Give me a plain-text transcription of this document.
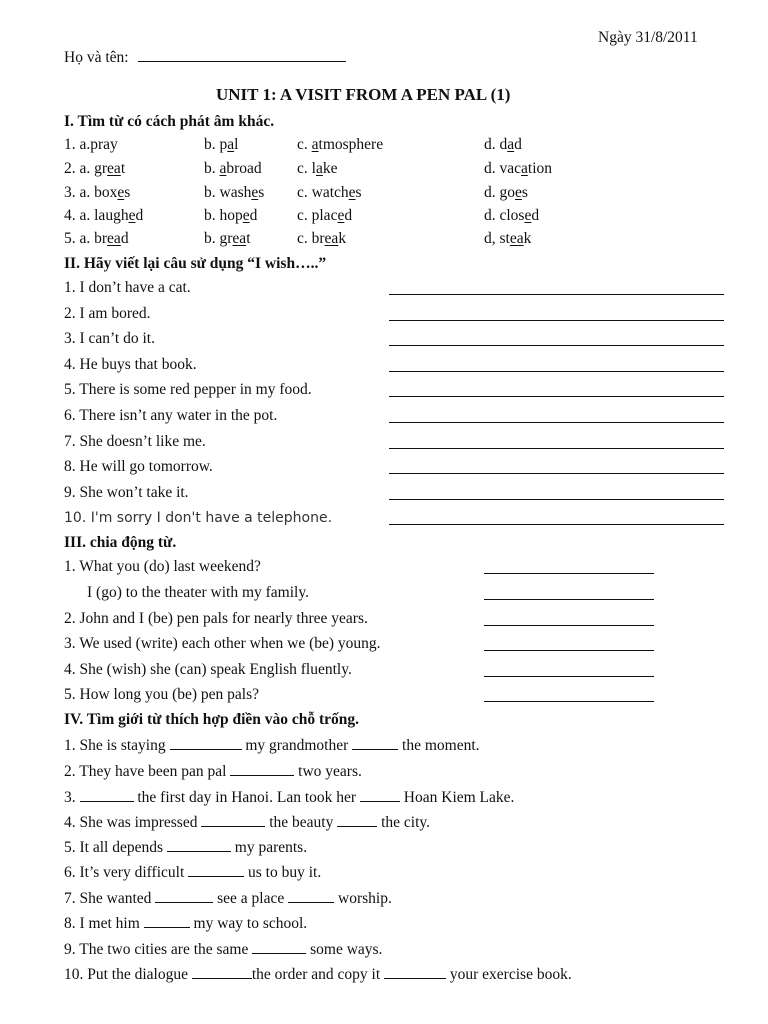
Ngày 31/8/2011
Họ và tên:
UNIT 1: A VISIT FROM A PEN PAL (1)
I. Tìm từ có cách phát âm khác.
1. a.pray	b. pal	c. atmosphere	d. dad
2. a. great	b. abroad c. lake	d. vacation
3. a. boxes	b. washes c. watches	d. goes
4. a. laughed	b. hoped	c. placed	d. closed
5. a. bread	b. great	c. break	d, steak
II. Hãy viết lại câu sử dụng “I wish…..”
1. I don’t have a cat.
2. I am bored.
3. I can’t do it.
4. He buys that book.
5. There is some red pepper in my food.
6. There isn’t any water in the pot.
7. She doesn’t like me.
8. He will go tomorrow.
9. She won’t take it.
10. I'm sorry I don't have a telephone.
III. chia động từ.
1. What you (do) last weekend?
I (go) to the theater with my family.
2. John and I (be) pen pals for nearly three years.
3. We used (write) each other when we (be) young.
4. She (wish) she (can) speak English fluently.
5. How long you (be) pen pals?
IV. Tìm giới từ thích hợp điền vào chỗ trống.
1. She is staying	my grandmother	the moment.
2. They have been pan pal	two years.
3.	the first day in Hanoi. Lan took her	Hoan Kiem Lake.
4. She was impressed	the beauty	the city.
5. It all depends	my parents.
6. It’s very difficult	us to buy it.
7. She wanted	see a place	worship.
8. I met him	my way to school.
9. The two cities are the same	some ways.
10. Put the dialogue	the order and copy it	your exercise book.
